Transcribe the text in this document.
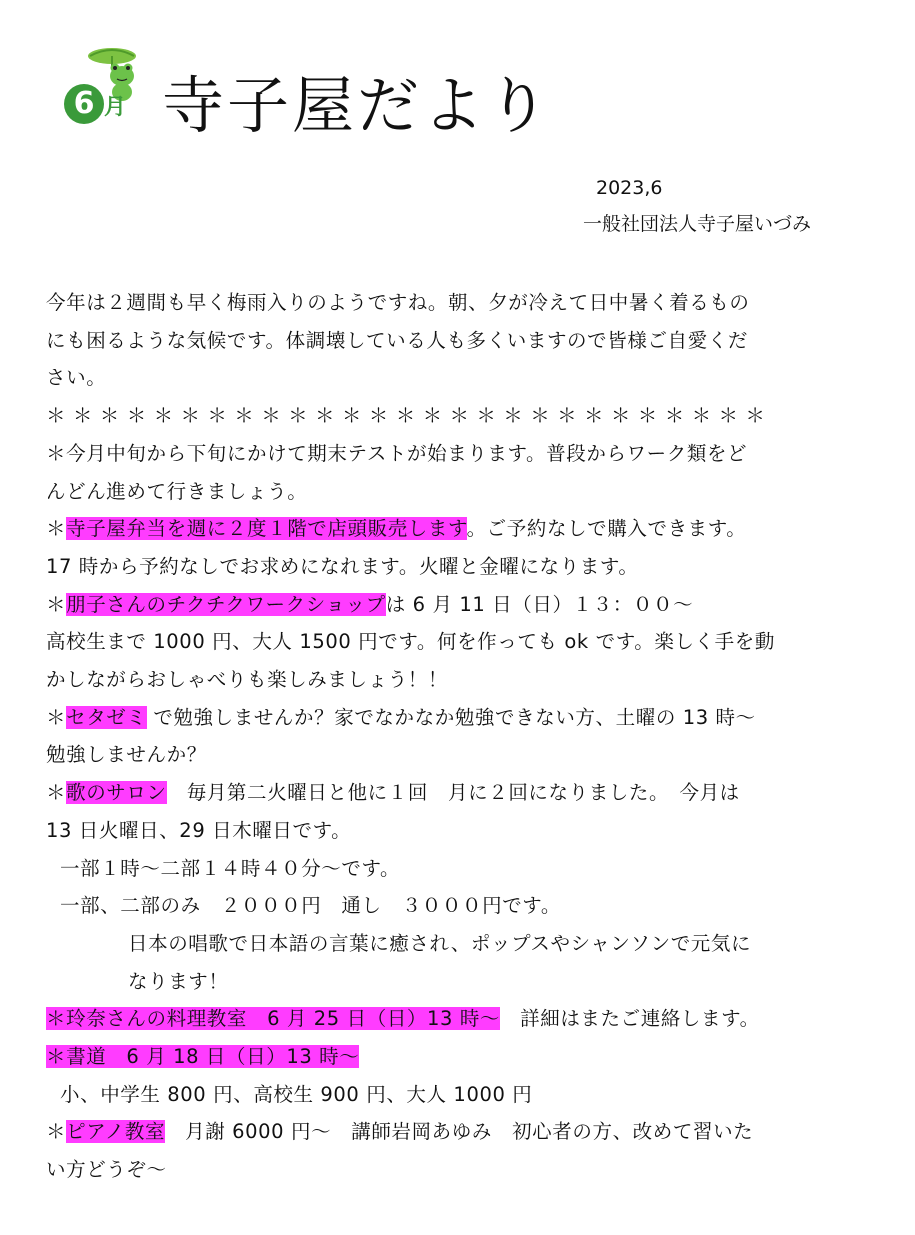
6 月 寺子屋だより
2023,6
一般社団法人寺子屋いづみ

今年は２週間も早く梅雨入りのようですね。朝、夕が冷えて日中暑く着るもの

にも困るような気候です。体調壊している人も多くいますので皆様ご自愛くだ

さい。

＊＊＊＊＊＊＊＊＊＊＊＊＊＊＊＊＊＊＊＊＊＊＊＊＊＊＊

＊今月中旬から下旬にかけて期末テストが始まります。普段からワーク類をど

んどん進めて行きましょう。

＊寺子屋弁当を週に２度１階で店頭販売します。ご予約なしで購入できます。

17 時から予約なしでお求めになれます。火曜と金曜になります。

＊朋子さんのチクチクワークショップは 6 月 11 日（日）１３：００〜

高校生まで 1000 円、大人 1500 円です。何を作っても ok です。楽しく手を動

かしながらおしゃべりも楽しみましょう！！

＊セタゼミ で勉強しませんか？家でなかなか勉強できない方、土曜の 13 時〜

勉強しませんか？

＊歌のサロン　毎月第二火曜日と他に１回　月に２回になりました。　今月は

13 日火曜日、29 日木曜日です。

一部１時〜二部１４時４０分〜です。

一部、二部のみ　２０００円　通し　３０００円です。

日本の唱歌で日本語の言葉に癒され、ポップスやシャンソンで元気に

なります！

＊玲奈さんの料理教室　6 月 25 日（日）13 時〜　詳細はまたご連絡します。

＊書道　6 月 18 日（日）13 時〜

小、中学生 800 円、高校生 900 円、大人 1000 円

＊ピアノ教室　月謝 6000 円〜　講師岩岡あゆみ　初心者の方、改めて習いた

い方どうぞ〜
